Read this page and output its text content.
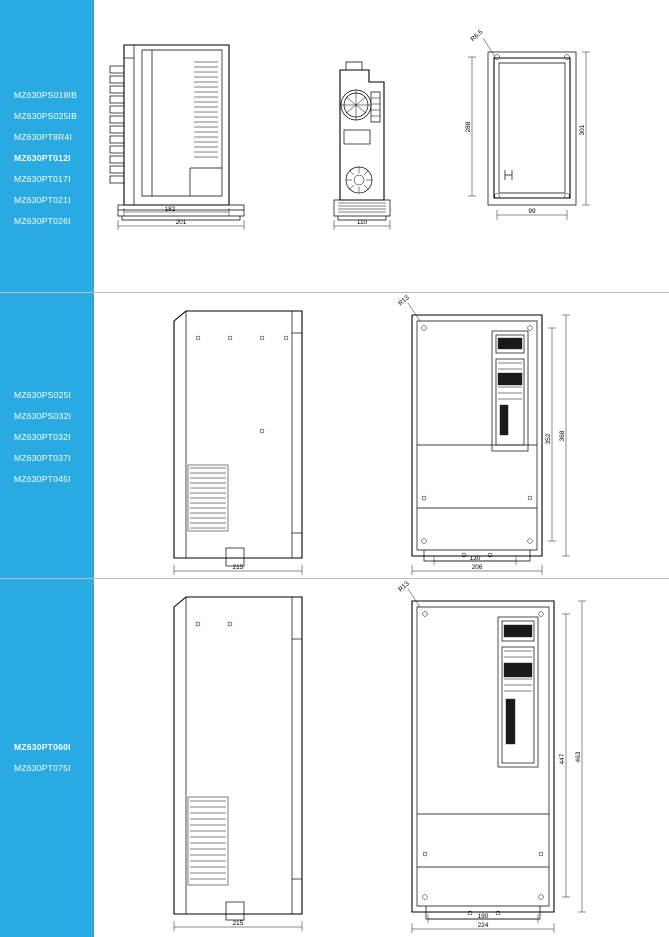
MZ630PS018IB
MZ630PS025IB
MZ630PT8R4I
MZ630PT012I
MZ630PT017I
MZ630PT021I
MZ630PT026I
182
201	110
R6.5
288	301
99
MZ630PS025I
MZ630PS032I
MZ630PT032I
MZ630PT037I
MZ630PT045I
215
R13
352 368
130
206
MZ630PT060I
MZ630PT075I
215
R13
447 463
190
224
